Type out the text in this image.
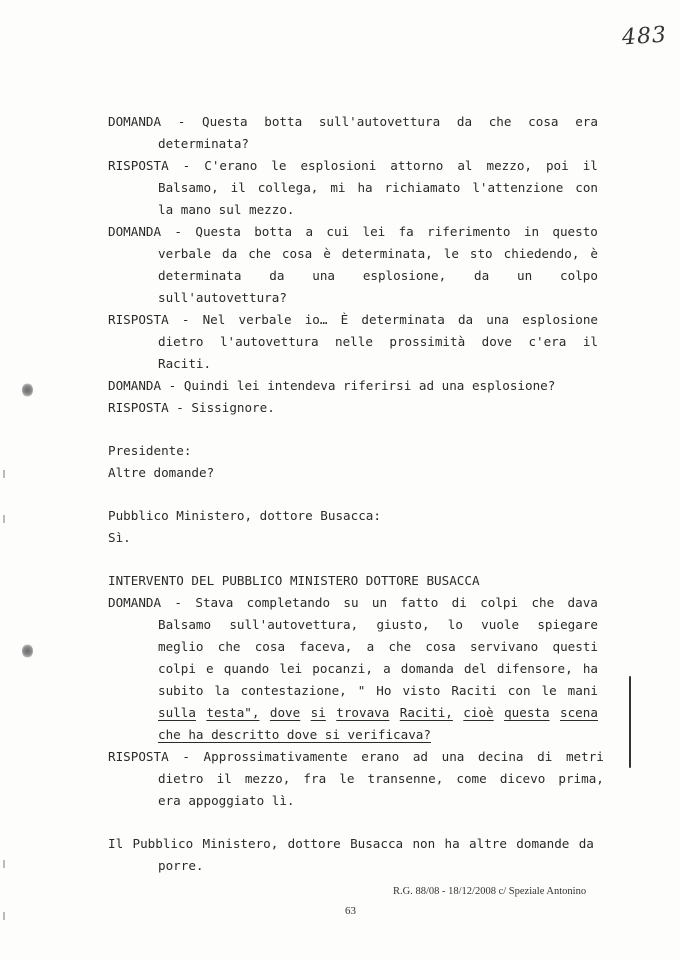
483
DOMANDA - Questa botta sull'autovettura da che cosa era
determinata?
RISPOSTA - C'erano le esplosioni attorno al mezzo, poi il
Balsamo, il collega, mi ha richiamato l'attenzione con
la mano sul mezzo.
DOMANDA - Questa botta a cui lei fa riferimento in questo
verbale da che cosa è determinata, le sto chiedendo, è
determinata da una esplosione, da un colpo
sull'autovettura?
RISPOSTA - Nel verbale io… È determinata da una esplosione
dietro l'autovettura nelle prossimità dove c'era il
Raciti.
DOMANDA - Quindi lei intendeva riferirsi ad una esplosione?
RISPOSTA - Sissignore.
Presidente:
Altre domande?
Pubblico Ministero, dottore Busacca:
Sì.
INTERVENTO DEL PUBBLICO MINISTERO DOTTORE BUSACCA
DOMANDA - Stava completando su un fatto di colpi che dava
Balsamo sull'autovettura, giusto, lo vuole spiegare
meglio che cosa faceva, a che cosa servivano questi
colpi e quando lei pocanzi, a domanda del difensore, ha
subito la contestazione, " Ho visto Raciti con le mani
sulla testa", dove si trovava Raciti, cioè questa scena
che ha descritto dove si verificava?
RISPOSTA - Approssimativamente erano ad una decina di metri
dietro il mezzo, fra le transenne, come dicevo prima,
era appoggiato lì.
Il Pubblico Ministero, dottore Busacca non ha altre domande da
porre.
R.G. 88/08 - 18/12/2008 c/ Speziale Antonino
63
